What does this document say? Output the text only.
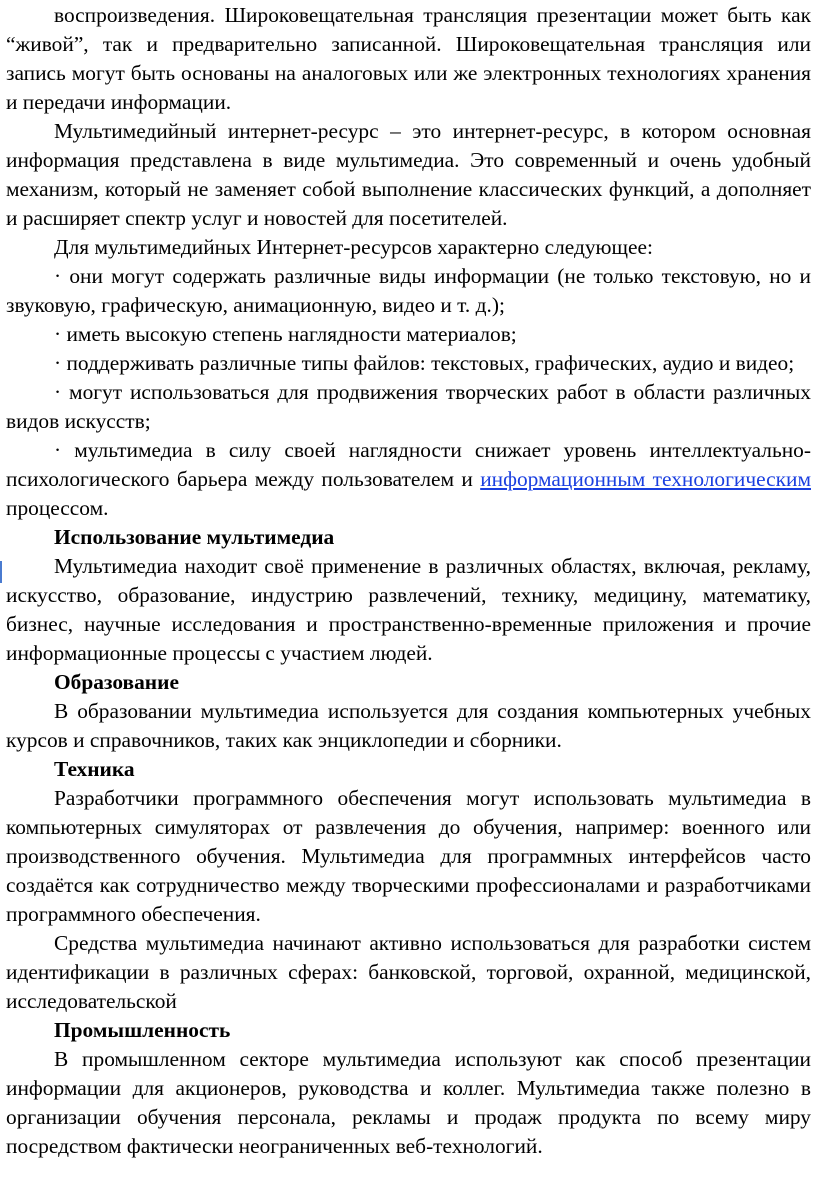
воспроизведения. Широковещательная трансляция презентации может быть как “живой”, так и предварительно записанной. Широковещательная трансляция или запись могут быть основаны на аналоговых или же электронных технологиях хранения и передачи информации.

Мультимедийный интернет-ресурс – это интернет-ресурс, в котором основная информация представлена в виде мультимедиа. Это современный и очень удобный механизм, который не заменяет собой выполнение классических функций, а дополняет и расширяет спектр услуг и новостей для посетителей.

Для мультимедийных Интернет-ресурсов характерно следующее:

· они могут содержать различные виды информации (не только текстовую, но и звуковую, графическую, анимационную, видео и т. д.);

· иметь высокую степень наглядности материалов;

· поддерживать различные типы файлов: текстовых, графических, аудио и видео;

· могут использоваться для продвижения творческих работ в области различных видов искусств;

· мультимедиа в силу своей наглядности снижает уровень интеллектуально-психологического барьера между пользователем и информационным технологическим процессом.

Использование мультимедиа

Мультимедиа находит своё применение в различных областях, включая, рекламу, искусство, образование, индустрию развлечений, технику, медицину, математику, бизнес, научные исследования и пространственно-временные приложения и прочие информационные процессы с участием людей.

Образование

В образовании мультимедиа используется для создания компьютерных учебных курсов и справочников, таких как энциклопедии и сборники.

Техника

Разработчики программного обеспечения могут использовать мультимедиа в компьютерных симуляторах от развлечения до обучения, например: военного или производственного обучения. Мультимедиа для программных интерфейсов часто создаётся как сотрудничество между творческими профессионалами и разработчиками программного обеспечения.

Средства мультимедиа начинают активно использоваться для разработки систем идентификации в различных сферах: банковской, торговой, охранной, медицинской, исследовательской

Промышленность

В промышленном секторе мультимедиа используют как способ презентации информации для акционеров, руководства и коллег. Мультимедиа также полезно в организации обучения персонала, рекламы и продаж продукта по всему миру посредством фактически неограниченных веб-технологий.
